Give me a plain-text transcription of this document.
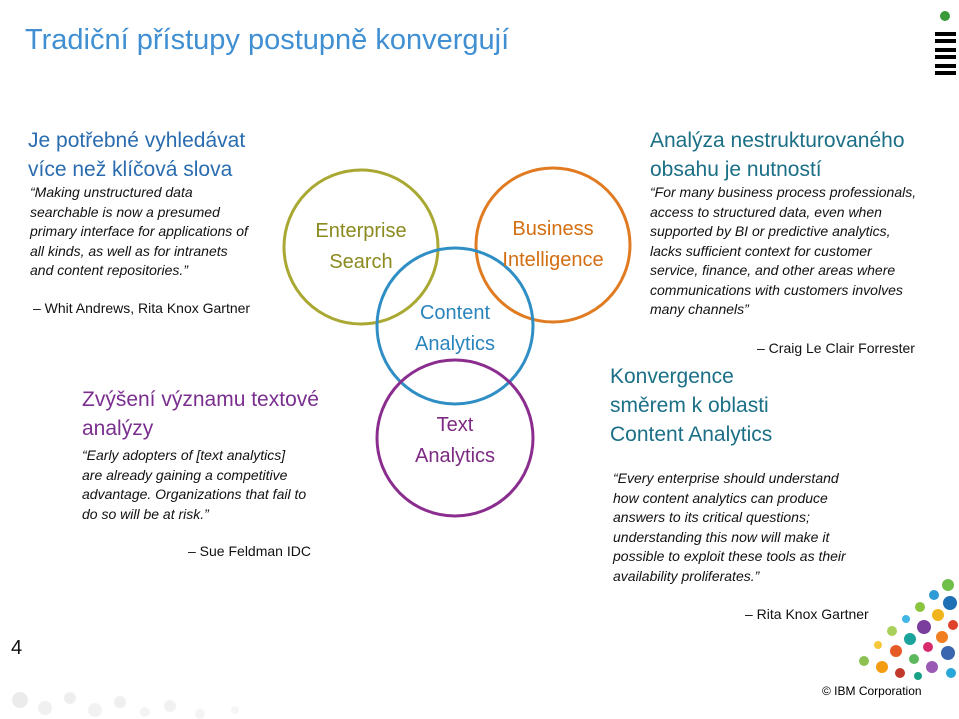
Tradiční přístupy postupně konvergují
Enterprise
Search
Business
Intelligence
Content
Analytics
Text
Analytics
Je potřebné vyhledávat
více než klíčová slova
“Making unstructured data
searchable is now a presumed
primary interface for applications of
all kinds, as well as for intranets
and content repositories.”
– Whit Andrews, Rita Knox Gartner
Zvýšení významu textové
analýzy
“Early adopters of [text analytics]
are already gaining a competitive
advantage. Organizations that fail to
do so will be at risk.”
– Sue Feldman IDC
Analýza nestrukturovaného
obsahu je nutností
“For many business process professionals,
access to structured data, even when
supported by BI or predictive analytics,
lacks sufficient context for customer
service, finance, and other areas where
communications with customers involves
many channels”
– Craig Le Clair Forrester
Konvergence
směrem k oblasti
Content Analytics
“Every enterprise should understand
how content analytics can produce
answers to its critical questions;
understanding this now will make it
possible to exploit these tools as their
availability proliferates.”
– Rita Knox Gartner
4
© IBM Corporation
